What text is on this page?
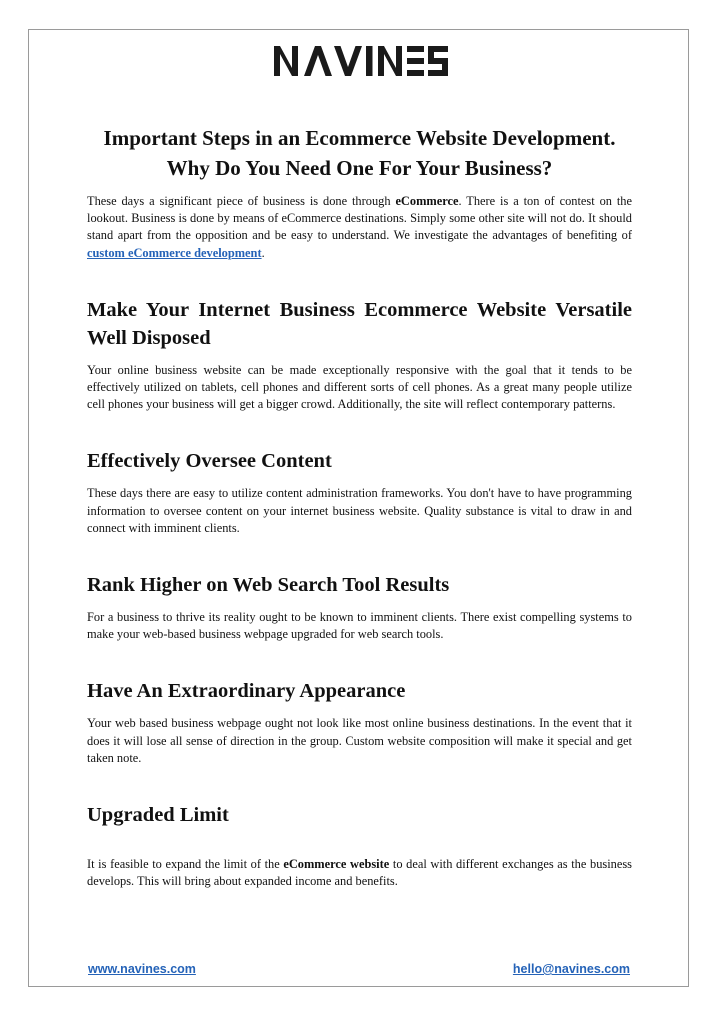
Important Steps in an Ecommerce Website Development. Why Do You Need One For Your Business?

These days a significant piece of business is done through eCommerce. There is a ton of contest on the lookout. Business is done by means of eCommerce destinations. Simply some other site will not do. It should stand apart from the opposition and be easy to understand. We investigate the advantages of benefiting of custom eCommerce development.

Make Your Internet Business Ecommerce Website Versatile Well Disposed

Your online business website can be made exceptionally responsive with the goal that it tends to be effectively utilized on tablets, cell phones and different sorts of cell phones. As a great many people utilize cell phones your business will get a bigger crowd. Additionally, the site will reflect contemporary patterns.

Effectively Oversee Content

These days there are easy to utilize content administration frameworks. You don't have to have programming information to oversee content on your internet business website. Quality substance is vital to draw in and connect with imminent clients.

Rank Higher on Web Search Tool Results

For a business to thrive its reality ought to be known to imminent clients. There exist compelling systems to make your web-based business webpage upgraded for web search tools.

Have An Extraordinary Appearance

Your web based business webpage ought not look like most online business destinations. In the event that it does it will lose all sense of direction in the group. Custom website composition will make it special and get taken note.

Upgraded Limit

It is feasible to expand the limit of the eCommerce website to deal with different exchanges as the business develops. This will bring about expanded income and benefits.

www.navines.com	hello@navines.com
